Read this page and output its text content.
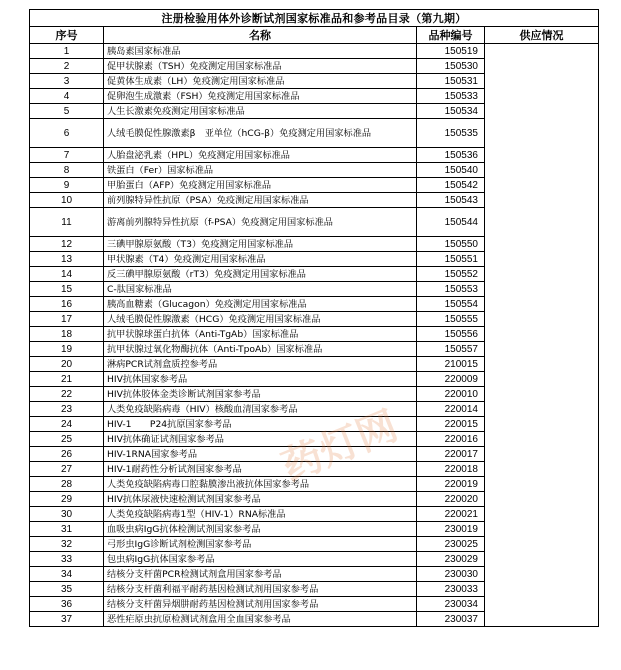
注册检验用体外诊断试剂国家标准品和参考品目录（第九期）			
序号	名称	品种编号	供应情况
1	胰岛素国家标准品	150519	
2	促甲状腺素（TSH）免疫测定用国家标准品	150530	
3	促黄体生成素（LH）免疫测定用国家标准品	150531	
4	促卵泡生成激素（FSH）免疫测定用国家标准品	150533	
5	人生长激素免疫测定用国家标准品	150534	
6	人绒毛膜促性腺激素β　亚单位（hCG-β）免疫测定用国家标准品	150535	
7	人胎盘泌乳素（HPL）免疫测定用国家标准品	150536	
8	铁蛋白（Fer）国家标准品	150540	
9	甲胎蛋白（AFP）免疫测定用国家标准品	150542	
10	前列腺特异性抗原（PSA）免疫测定用国家标准品	150543	
11	游离前列腺特异性抗原（f-PSA）免疫测定用国家标准品	150544	
12	三碘甲腺原氨酸（T3）免疫测定用国家标准品	150550	
13	甲状腺素（T4）免疫测定用国家标准品	150551	
14	反三碘甲腺原氨酸（rT3）免疫测定用国家标准品	150552	
15	C-肽国家标准品	150553	
16	胰高血糖素（Glucagon）免疫测定用国家标准品	150554	
17	人绒毛膜促性腺激素（HCG）免疫测定用国家标准品	150555	
18	抗甲状腺球蛋白抗体（Anti-TgAb）国家标准品	150556	
19	抗甲状腺过氧化物酶抗体（Anti-TpoAb）国家标准品	150557	
20	淋病PCR试剂盒质控参考品	210015	
21	HIV抗体国家参考品	220009	
22	HIV抗体胶体金类诊断试剂国家参考品	220010	
23	人类免疫缺陷病毒（HIV）核酸血清国家参考品	220014	
24	HIV-1　　P24抗原国家参考品	220015	
25	HIV抗体确证试剂国家参考品	220016	
26	HIV-1RNA国家参考品	220017	
27	HIV-1耐药性分析试剂国家参考品	220018	
28	人类免疫缺陷病毒口腔黏膜渗出液抗体国家参考品	220019	
29	HIV抗体尿液快速检测试剂国家参考品	220020	
30	人类免疫缺陷病毒1型（HIV-1）RNA标准品	220021	
31	血吸虫病IgG抗体检测试剂国家参考品	230019	
32	弓形虫IgG诊断试剂检测国家参考品	230025	
33	包虫病IgG抗体国家参考品	230029	
34	结核分支杆菌PCR检测试剂盒用国家参考品	230030	
35	结核分支杆菌利福平耐药基因检测试剂用国家参考品	230033	
36	结核分支杆菌异烟肼耐药基因检测试剂用国家参考品	230034	
37	恶性疟原虫抗原检测试剂盒用全血国家参考品	230037	
药灯网
